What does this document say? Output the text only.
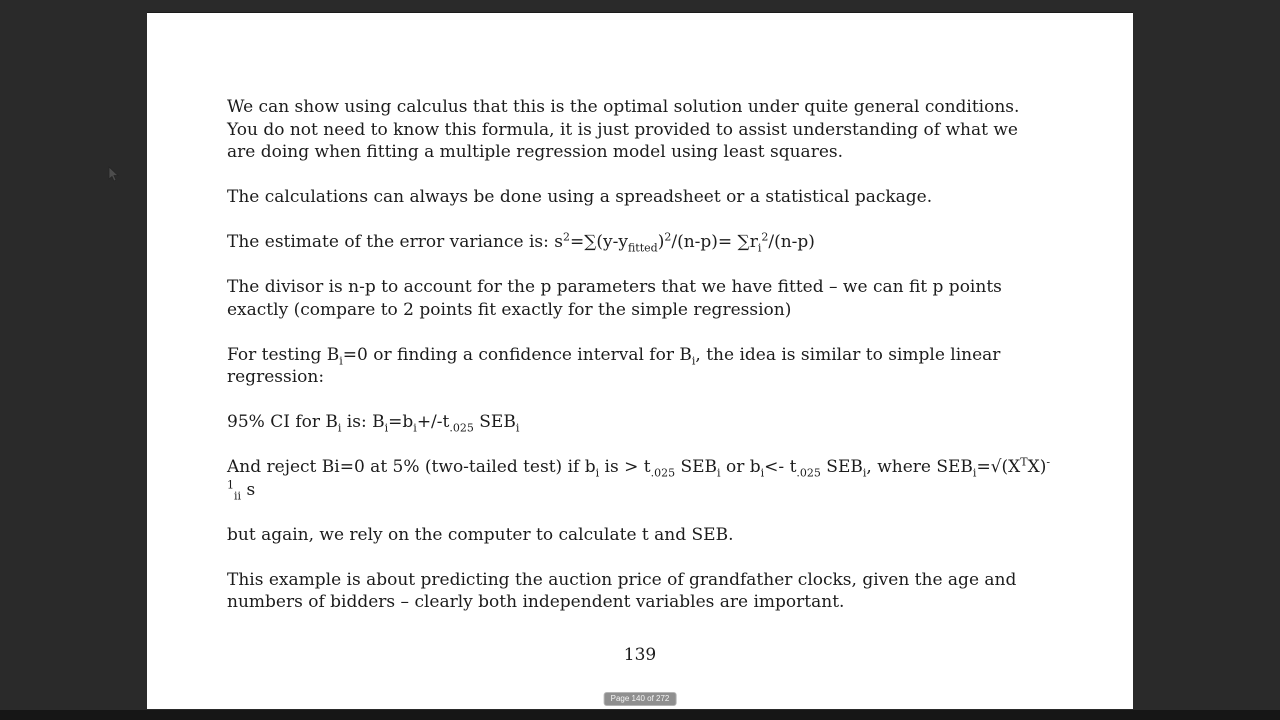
We can show using calculus that this is the optimal solution under quite general conditions.
You do not need to know this formula, it is just provided to assist understanding of what we
are doing when fitting a multiple regression model using least squares.
The calculations can always be done using a spreadsheet or a statistical package.
The estimate of the error variance is: $s^2=\sum(y-y_{fitted})^2/(n-p)= \sum r_i^2/(n-p)$
The divisor is n-p to account for the p parameters that we have fitted – we can fit p points
exactly (compare to 2 points fit exactly for the simple regression)
For testing $B_i=0$ or finding a confidence interval for $B_i$, the idea is similar to simple linear
regression:
95% CI for $B_i$ is: $B_i=b_i+/-t_{.025}$ $SEB_i$
And reject Bi=0 at 5% (two-tailed test) if $b_i$ is > $t_{.025}$ $SEB_i$ or $b_i<-$ $t_{.025}$ $SEB_i$, where $SEB_i=√(X^TX)^-$
$^1_{ii}$ s
but again, we rely on the computer to calculate t and SEB.
This example is about predicting the auction price of grandfather clocks, given the age and
numbers of bidders – clearly both independent variables are important.
139
Page 140 of 272
